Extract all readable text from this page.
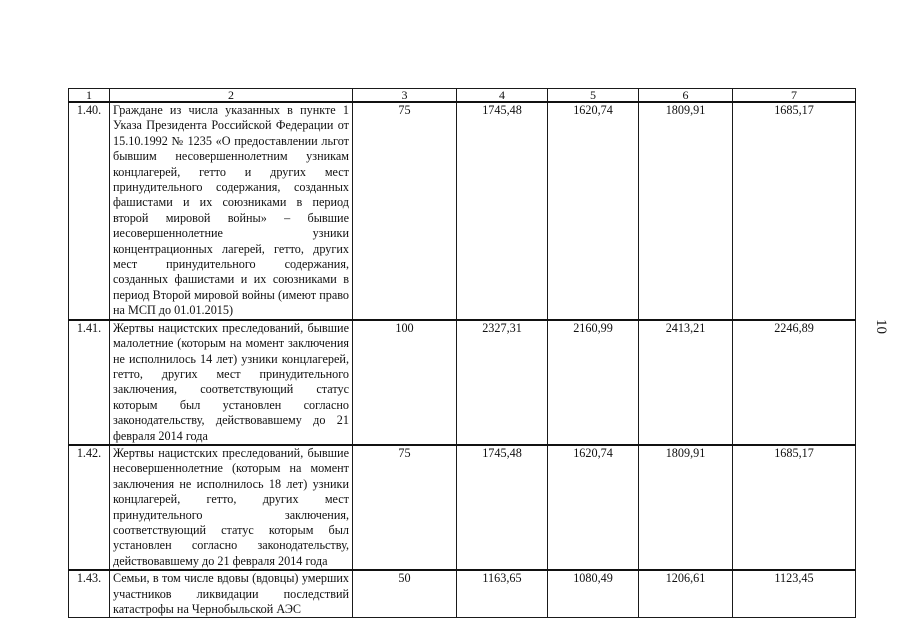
1	2	3	4	5	6	7
1.40.	Граждане из числа указанных в пункте 1 Указа Президента Российской Федерации от 15.10.1992 № 1235 «О предоставлении льгот бывшим несовершеннолетним узникам концлагерей, гетто и других мест принудительного содержания, созданных фашистами и их союзниками в период второй мировой войны» – бывшие иесовершеннолетние узники концентрационных лагерей, гетто, других мест принудительного содержания, созданных фашистами и их союзниками в период Второй мировой войны (имеют право на МСП до 01.01.2015)	75	1745,48	1620,74	1809,91	1685,17
1.41.	Жертвы нацистских преследований, бывшие малолетние (которым на момент заключения не исполнилось 14 лет) узники концлагерей, гетто, других мест принудительного заключения, соответствующий статус которым был установлен согласно законодательству, действовавшему до 21 февраля 2014 года	100	2327,31	2160,99	2413,21	2246,89
1.42.	Жертвы нацистских преследований, бывшие несовершеннолетние (которым на момент заключения не исполнилось 18 лет) узники концлагерей, гетто, других мест принудительного заключения, соответствующий статус которым был установлен согласно законодательству, действовавшему до 21 февраля 2014 года	75	1745,48	1620,74	1809,91	1685,17
1.43.	Семьи, в том числе вдовы (вдовцы) умерших участников ликвидации последствий катастрофы на Чернобыльской АЭС	50	1163,65	1080,49	1206,61	1123,45
10
